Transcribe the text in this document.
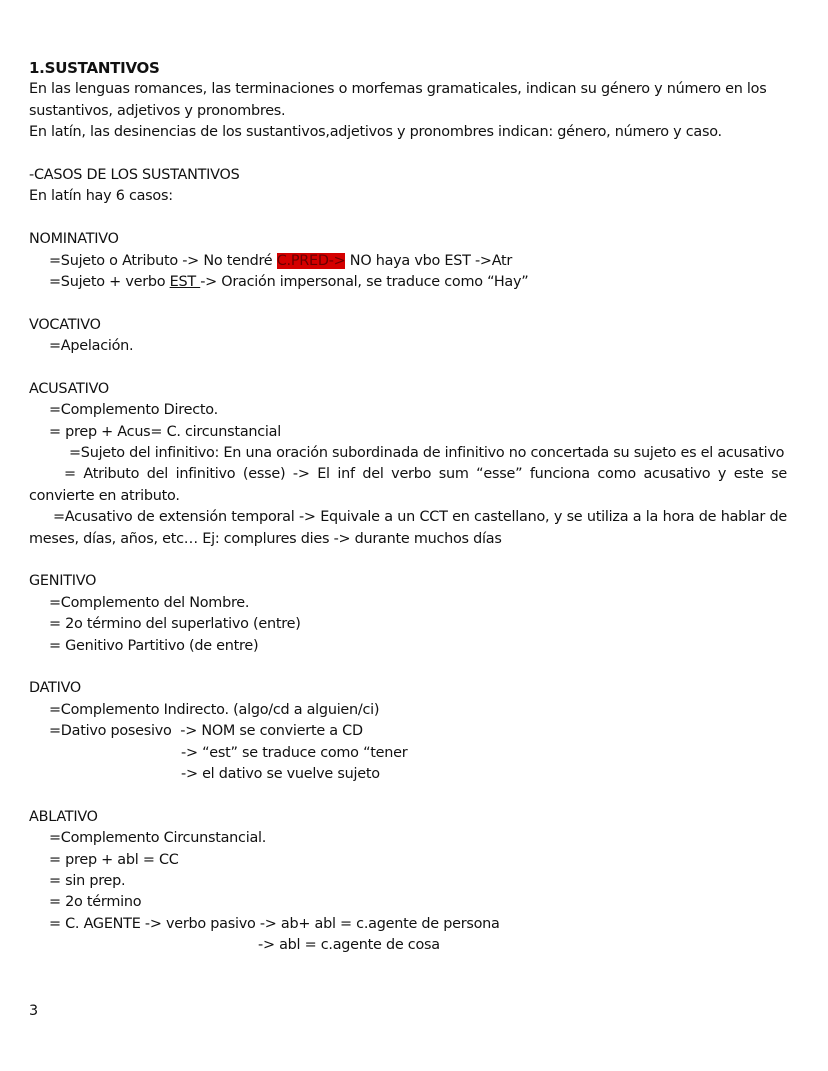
1.SUSTANTIVOS
En las lenguas romances, las terminaciones o morfemas gramaticales, indican su género y número en los sustantivos, adjetivos y pronombres.
En latín, las desinencias de los sustantivos,adjetivos y pronombres indican: género, número y caso.
-CASOS DE LOS SUSTANTIVOS
En latín hay 6 casos:
NOMINATIVO
=Sujeto o Atributo -> No tendré C.PRED-> NO haya vbo EST ->Atr
=Sujeto + verbo EST -> Oración impersonal, se traduce como “Hay”
VOCATIVO
=Apelación.
ACUSATIVO
=Complemento Directo.
= prep + Acus= C. circunstancial
=Sujeto del infinitivo: En una oración subordinada de infinitivo no concertada su sujeto es el acusativo
= Atributo del infinitivo (esse) -> El inf del verbo sum “esse” funciona como acusativo y este se convierte en atributo.
=Acusativo de extensión temporal -> Equivale a un CCT en castellano, y se utiliza a la hora de hablar de meses, días, años, etc… Ej: complures dies -> durante muchos días
GENITIVO
=Complemento del Nombre.
= 2o término del superlativo (entre)
= Genitivo Partitivo (de entre)
DATIVO
=Complemento Indirecto. (algo/cd a alguien/ci)
=Dativo posesivo  -> NOM se convierte a CD
-> “est” se traduce como “tener
-> el dativo se vuelve sujeto
ABLATIVO
=Complemento Circunstancial.
= prep + abl = CC
= sin prep.
= 2o término
= C. AGENTE -> verbo pasivo -> ab+ abl = c.agente de persona
-> abl = c.agente de cosa
3
